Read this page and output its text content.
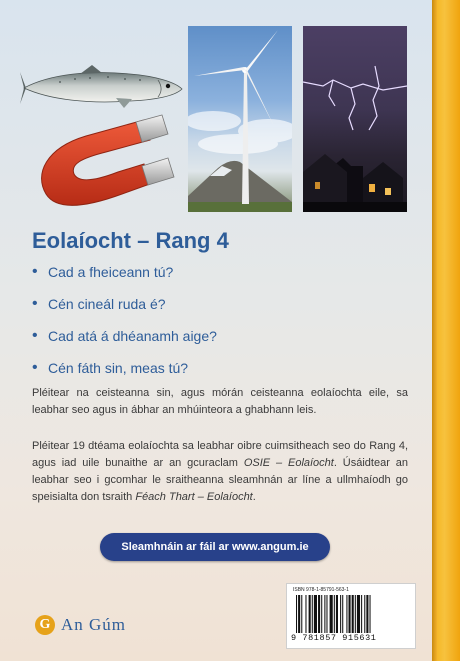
Eolaíocht – Rang 4
• Cad a fheiceann tú?
• Cén cineál ruda é?
• Cad atá á dhéanamh aige?
• Cén fáth sin, meas tú?

Pléitear na ceisteanna sin, agus mórán ceisteanna eolaíochta eile, sa leabhar seo agus in ábhar an mhúinteora a ghabhann leis.

Pléitear 19 dtéama eolaíochta sa leabhar oibre cuimsitheach seo do Rang 4, agus iad uile bunaithe ar an gcuraclam OSIE – Eolaíocht. Úsáidtear an leabhar seo i gcomhar le sraitheanna sleamhnán ar líne a ullmhaíodh go speisialta don tsraith Féach Thart – Eolaíocht.

Sleamhnáin ar fáil ar www.angum.ie
G An Gúm
ISBN 978-1-85791-563-1
9 781857 915631
